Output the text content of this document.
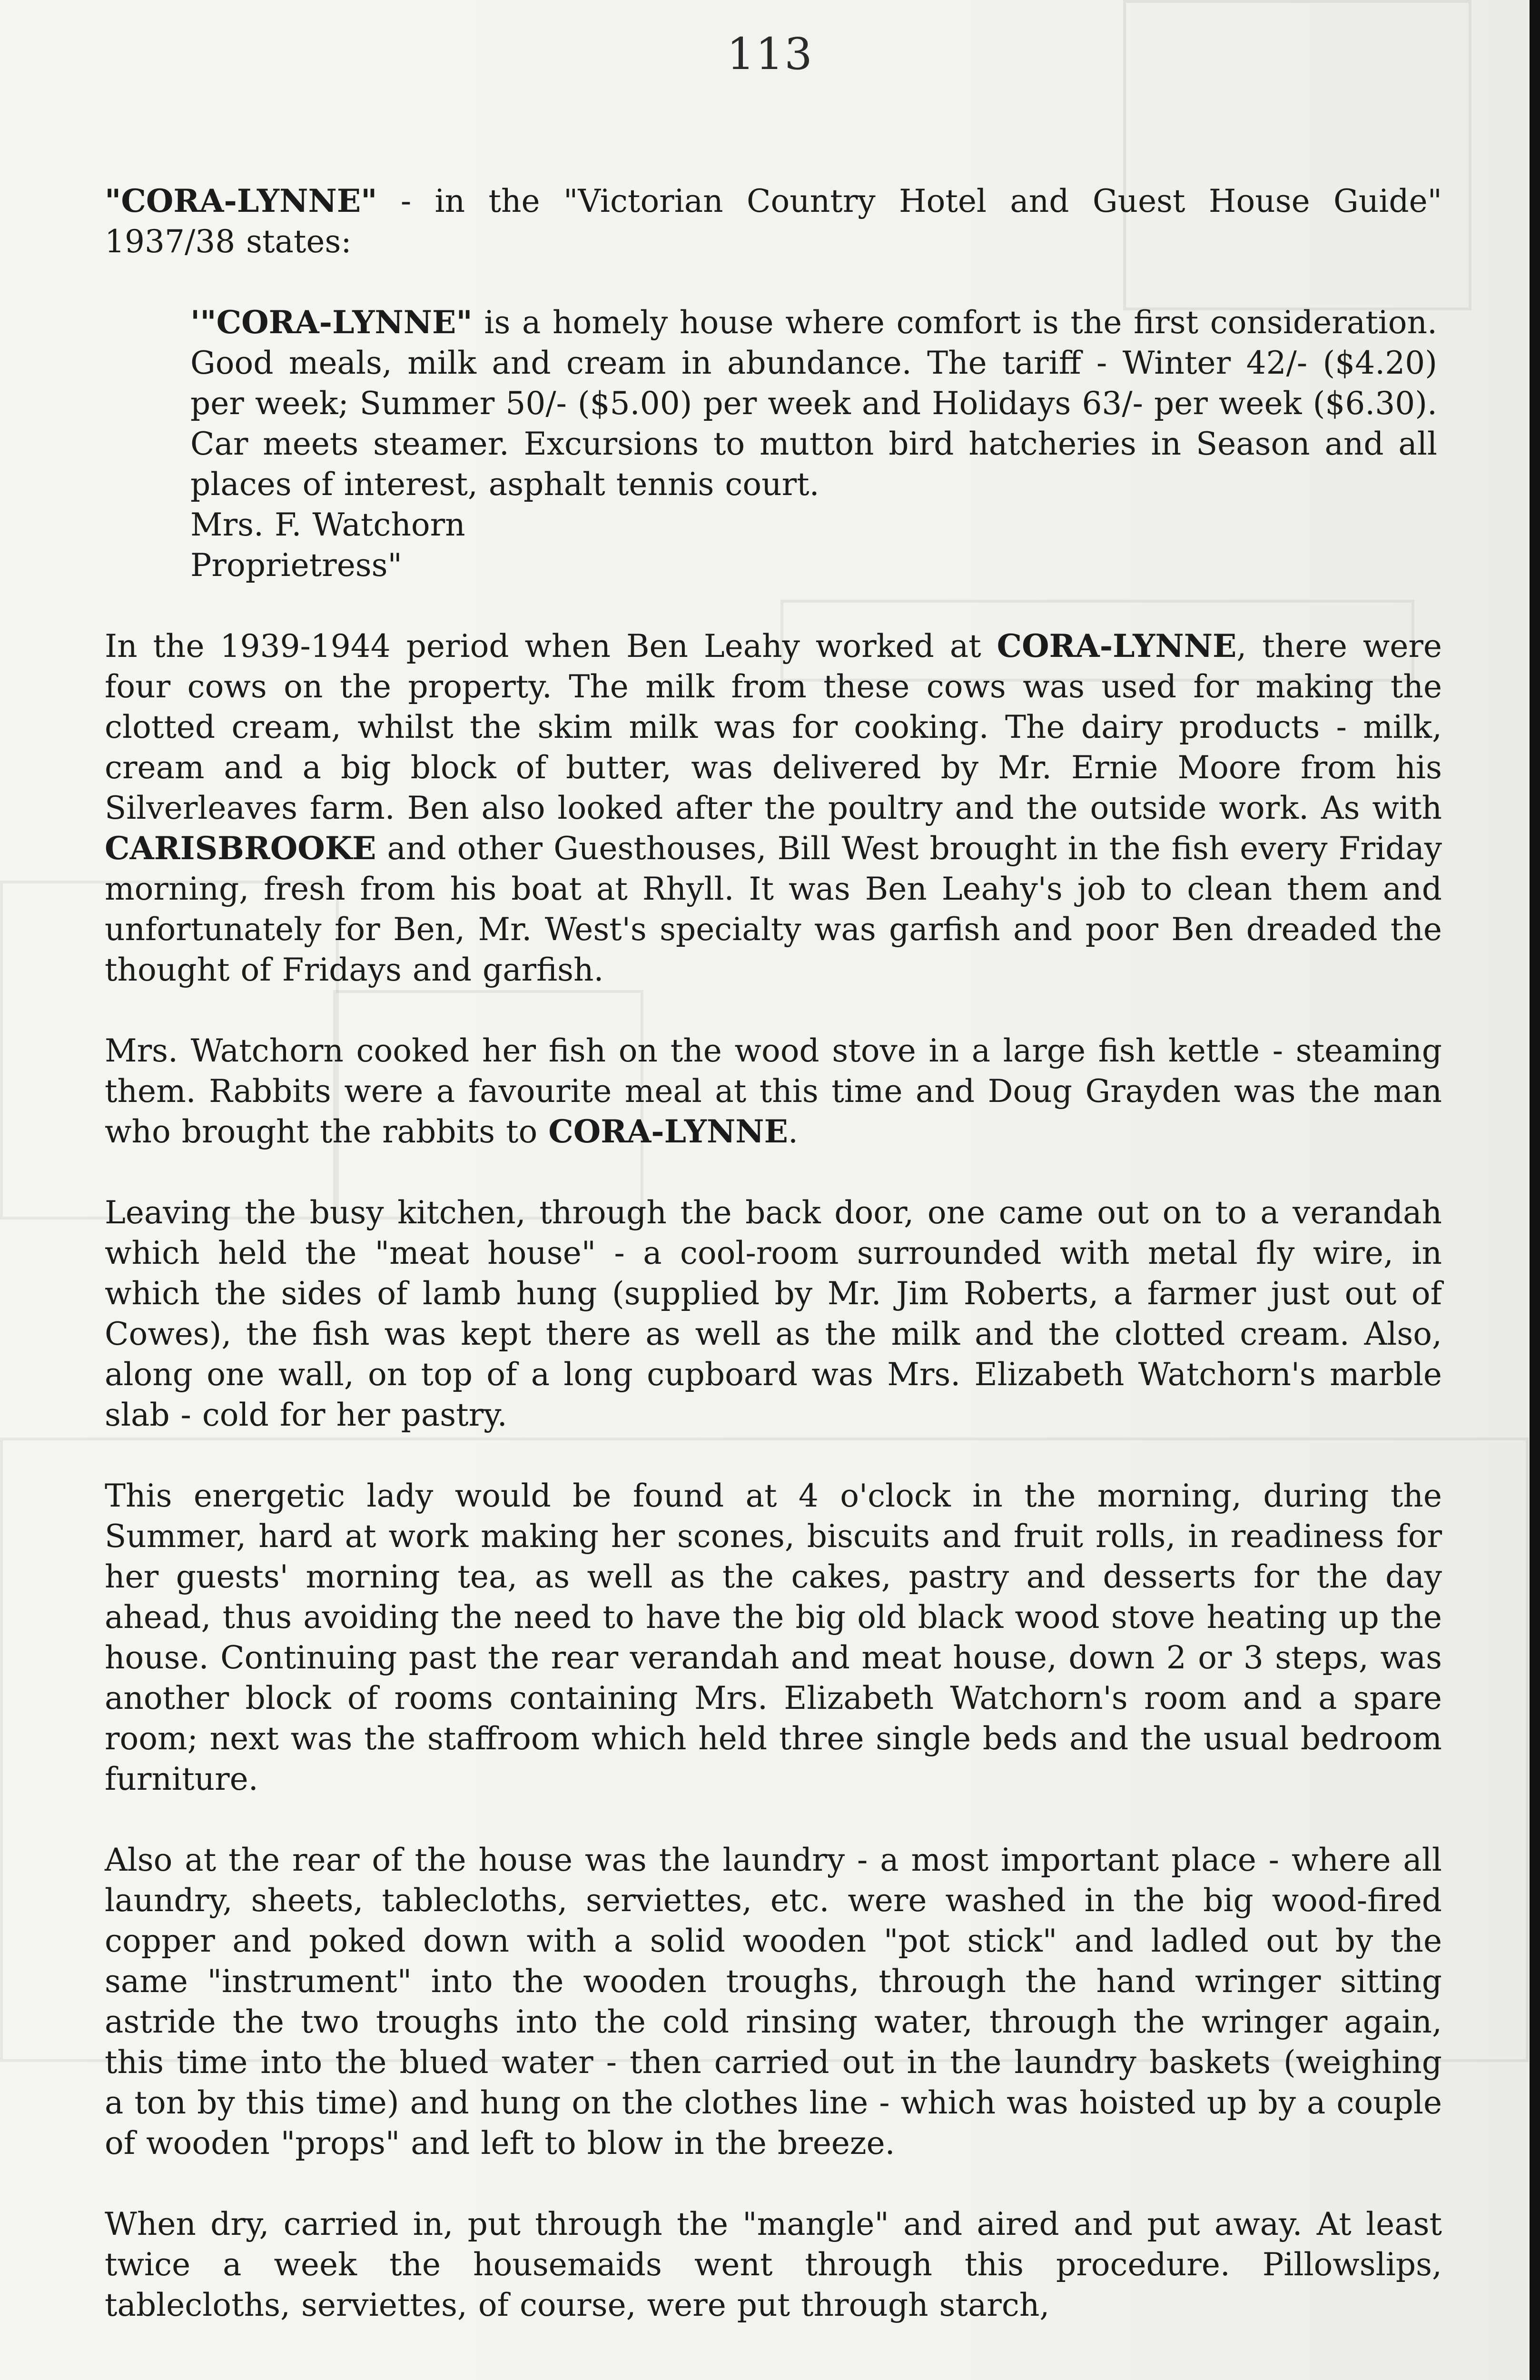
113

"CORA-LYNNE" - in the "Victorian Country Hotel and Guest House Guide" 1937/38 states:

'"CORA-LYNNE" is a homely house where comfort is the first consideration. Good meals, milk and cream in abundance. The tariff - Winter 42/- ($4.20) per week; Summer 50/- ($5.00) per week and Holidays 63/- per week ($6.30). Car meets steamer. Excursions to mutton bird hatcheries in Season and all places of interest, asphalt tennis court.
Mrs. F. Watchorn
Proprietress"

In the 1939-1944 period when Ben Leahy worked at CORA-LYNNE, there were four cows on the property. The milk from these cows was used for making the clotted cream, whilst the skim milk was for cooking. The dairy products - milk, cream and a big block of butter, was delivered by Mr. Ernie Moore from his Silverleaves farm. Ben also looked after the poultry and the outside work. As with CARISBROOKE and other Guesthouses, Bill West brought in the fish every Friday morning, fresh from his boat at Rhyll. It was Ben Leahy's job to clean them and unfortunately for Ben, Mr. West's specialty was garfish and poor Ben dreaded the thought of Fridays and garfish.

Mrs. Watchorn cooked her fish on the wood stove in a large fish kettle - steaming them. Rabbits were a favourite meal at this time and Doug Grayden was the man who brought the rabbits to CORA-LYNNE.

Leaving the busy kitchen, through the back door, one came out on to a verandah which held the "meat house" - a cool-room surrounded with metal fly wire, in which the sides of lamb hung (supplied by Mr. Jim Roberts, a farmer just out of Cowes), the fish was kept there as well as the milk and the clotted cream. Also, along one wall, on top of a long cupboard was Mrs. Elizabeth Watchorn's marble slab - cold for her pastry.

This energetic lady would be found at 4 o'clock in the morning, during the Summer, hard at work making her scones, biscuits and fruit rolls, in readiness for her guests' morning tea, as well as the cakes, pastry and desserts for the day ahead, thus avoiding the need to have the big old black wood stove heating up the house. Continuing past the rear verandah and meat house, down 2 or 3 steps, was another block of rooms containing Mrs. Elizabeth Watchorn's room and a spare room; next was the staffroom which held three single beds and the usual bedroom furniture.

Also at the rear of the house was the laundry - a most important place - where all laundry, sheets, tablecloths, serviettes, etc. were washed in the big wood-fired copper and poked down with a solid wooden "pot stick" and ladled out by the same "instrument" into the wooden troughs, through the hand wringer sitting astride the two troughs into the cold rinsing water, through the wringer again, this time into the blued water - then carried out in the laundry baskets (weighing a ton by this time) and hung on the clothes line - which was hoisted up by a couple of wooden "props" and left to blow in the breeze.

When dry, carried in, put through the "mangle" and aired and put away. At least twice a week the housemaids went through this procedure. Pillowslips, tablecloths, serviettes, of course, were put through starch,
